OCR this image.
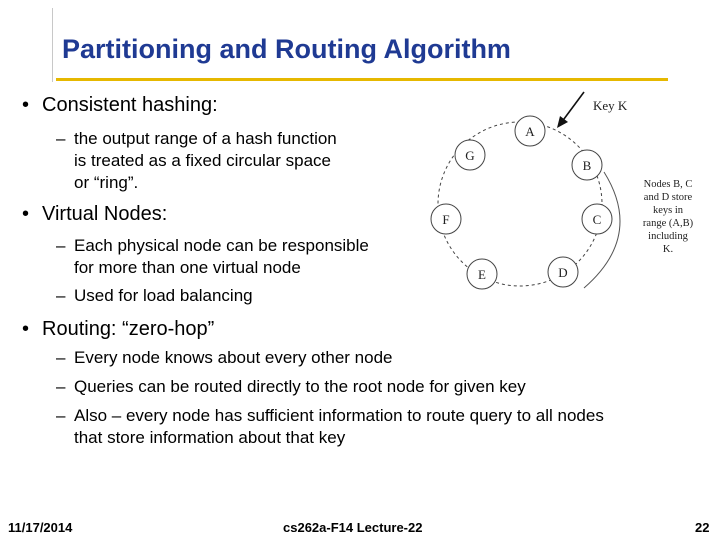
Partitioning and Routing Algorithm
• Consistent hashing:
– the output range of a hash function
is treated as a fixed circular space
or “ring”.
• Virtual Nodes:
– Each physical node can be responsible
for more than one virtual node
– Used for load balancing
• Routing: “zero-hop”
– Every node knows about every other node
– Queries can be routed directly to the root node for given key
– Also – every node has sufficient information to route query to all nodes
that store information about that key
Key K
A
B
C
D
E
F
G
Nodes B, C
and D store
keys in
range (A,B)
including
K.
11/17/2014	cs262a-F14 Lecture-22	22
